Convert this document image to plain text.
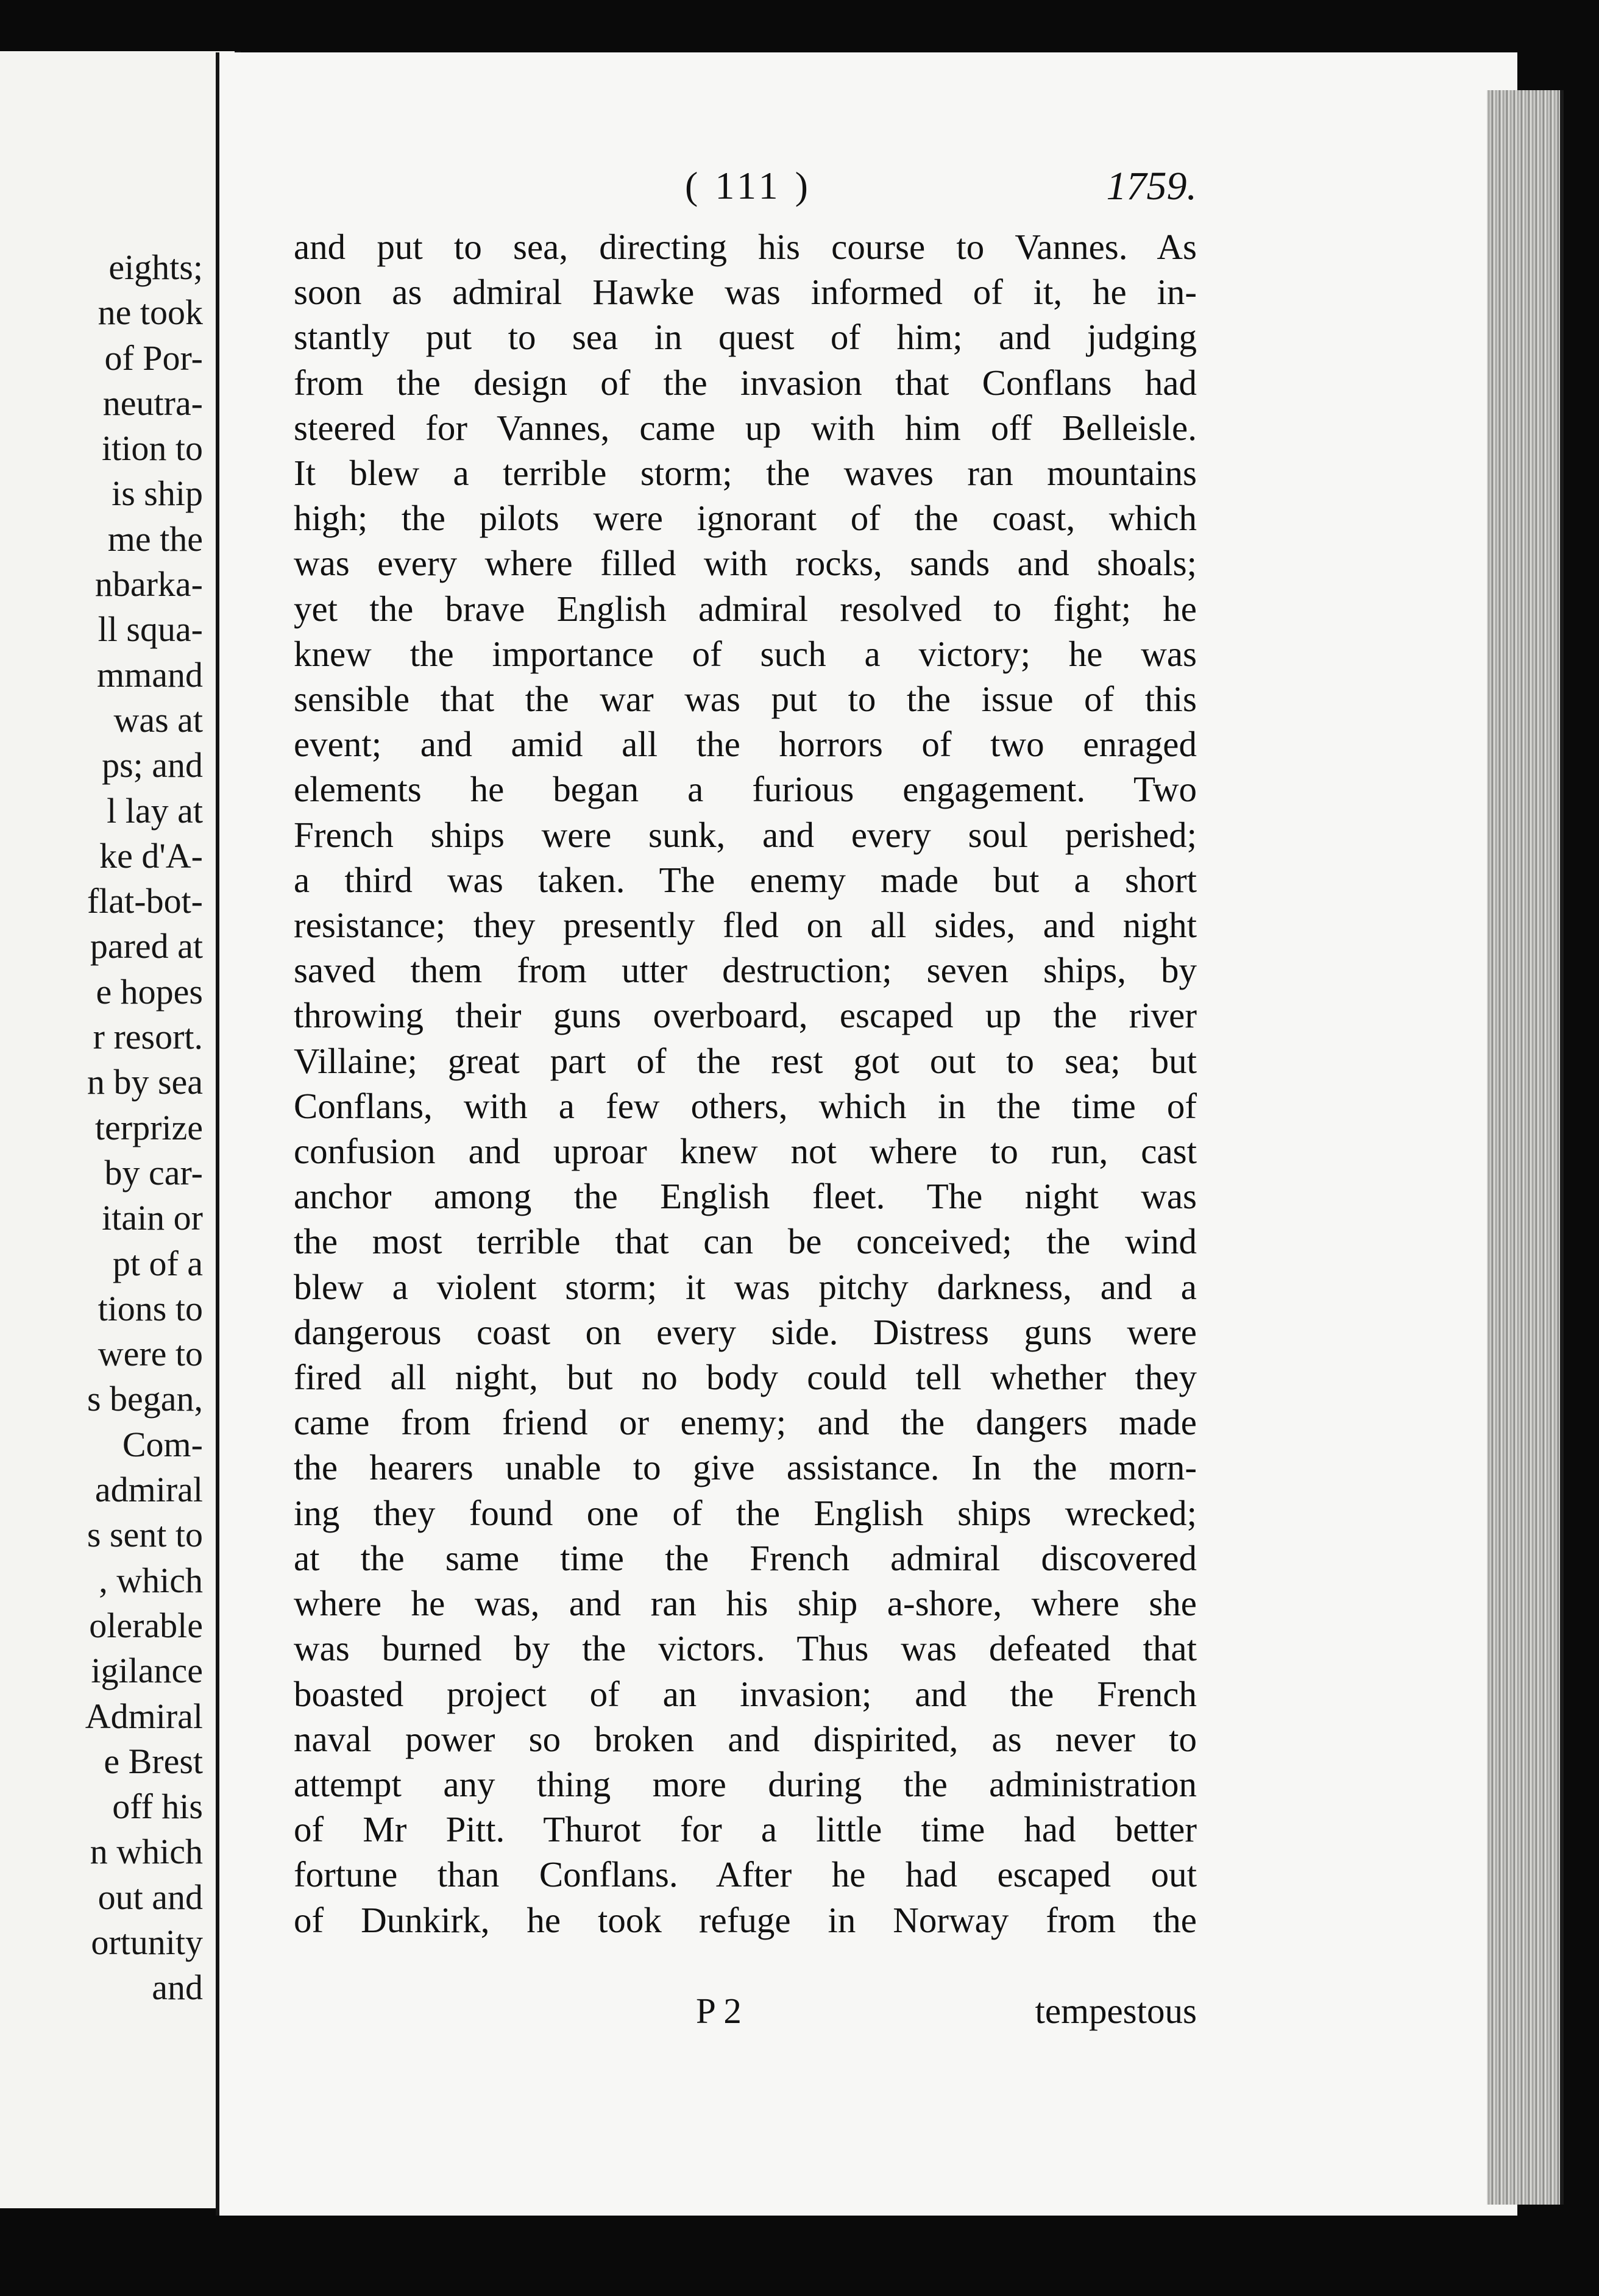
eights;
ne took
of Por-
neutra-
ition to
is ship
me the
nbarka-
ll squa-
mmand
was at
ps; and
l lay at
ke d'A-
flat-bot-
pared at
e hopes
r resort.
n by sea
terprize
by car-
itain or
pt of a
tions to
were to
s began,
Com-
admiral
s sent to
, which
olerable
igilance
Admiral
e Brest
off his
n which
out and
ortunity
and
( 111 )	1759.
and put to sea, directing his course to Vannes. As
soon as admiral Hawke was informed of it, he in-
stantly put to sea in quest of him; and judging
from the design of the invasion that Conflans had
steered for Vannes, came up with him off Belleisle.
It blew a terrible storm; the waves ran mountains
high; the pilots were ignorant of the coast, which
was every where filled with rocks, sands and shoals;
yet the brave English admiral resolved to fight; he
knew the importance of such a victory; he was
sensible that the war was put to the issue of this
event; and amid all the horrors of two enraged
elements he began a furious engagement. Two
French ships were sunk, and every soul perished;
a third was taken. The enemy made but a short
resistance; they presently fled on all sides, and night
saved them from utter destruction; seven ships, by
throwing their guns overboard, escaped up the river
Villaine; great part of the rest got out to sea; but
Conflans, with a few others, which in the time of
confusion and uproar knew not where to run, cast
anchor among the English fleet. The night was
the most terrible that can be conceived; the wind
blew a violent storm; it was pitchy darkness, and a
dangerous coast on every side. Distress guns were
fired all night, but no body could tell whether they
came from friend or enemy; and the dangers made
the hearers unable to give assistance. In the morn-
ing they found one of the English ships wrecked;
at the same time the French admiral discovered
where he was, and ran his ship a-shore, where she
was burned by the victors. Thus was defeated that
boasted project of an invasion; and the French
naval power so broken and dispirited, as never to
attempt any thing more during the administration
of Mr Pitt. Thurot for a little time had better
fortune than Conflans. After he had escaped out
of Dunkirk, he took refuge in Norway from the
P 2	tempestous
